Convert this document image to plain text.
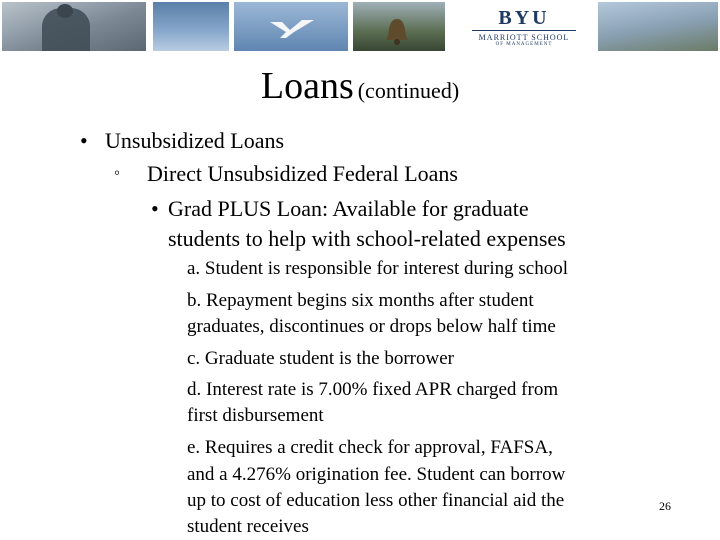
BYU
MARRIOTT SCHOOL
OF MANAGEMENT
Loans (continued)
• Unsubsidized Loans
◦ Direct Unsubsidized Federal Loans
• Grad PLUS Loan: Available for graduate
students to help with school-related expenses
a. Student is responsible for interest during school
b. Repayment begins six months after student
graduates, discontinues or drops below half time
c. Graduate student is the borrower
d. Interest rate is 7.00% fixed APR charged from
first disbursement
e. Requires a credit check for approval, FAFSA,
and a 4.276% origination fee. Student can borrow
up to cost of education less other financial aid the
student receives
26
